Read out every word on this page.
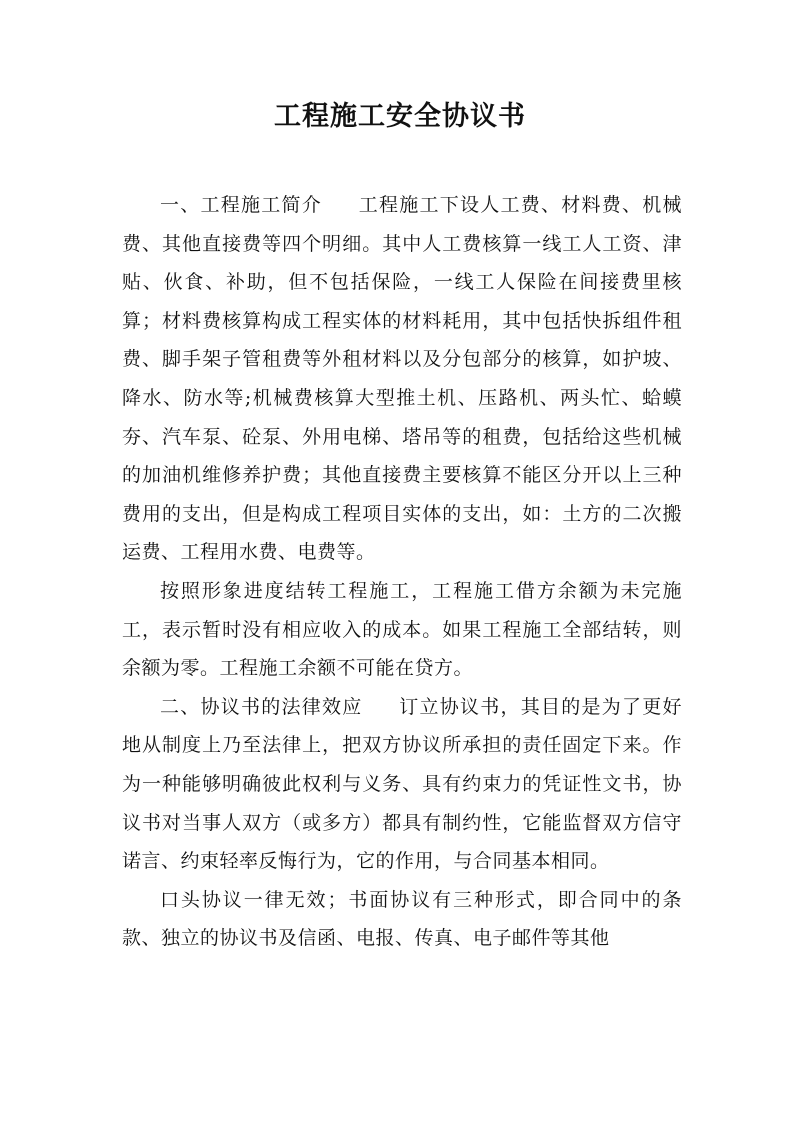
工程施工安全协议书

一、工程施工简介 工程施工下设人工费、材料费、机械费、其他直接费等四个明细。其中人工费核算一线工人工资、津贴、伙食、补助，但不包括保险，一线工人保险在间接费里核算；材料费核算构成工程实体的材料耗用，其中包括快拆组件租费、脚手架子管租费等外租材料以及分包部分的核算，如护坡、降水、防水等;机械费核算大型推土机、压路机、两头忙、蛤蟆夯、汽车泵、砼泵、外用电梯、塔吊等的租费，包括给这些机械的加油机维修养护费；其他直接费主要核算不能区分开以上三种费用的支出，但是构成工程项目实体的支出，如：土方的二次搬运费、工程用水费、电费等。

按照形象进度结转工程施工，工程施工借方余额为未完施工，表示暂时没有相应收入的成本。如果工程施工全部结转，则余额为零。工程施工余额不可能在贷方。

二、协议书的法律效应 订立协议书，其目的是为了更好地从制度上乃至法律上，把双方协议所承担的责任固定下来。作为一种能够明确彼此权利与义务、具有约束力的凭证性文书，协议书对当事人双方（或多方）都具有制约性，它能监督双方信守诺言、约束轻率反悔行为，它的作用，与合同基本相同。

口头协议一律无效；书面协议有三种形式，即合同中的条款、独立的协议书及信函、电报、传真、电子邮件等其他
